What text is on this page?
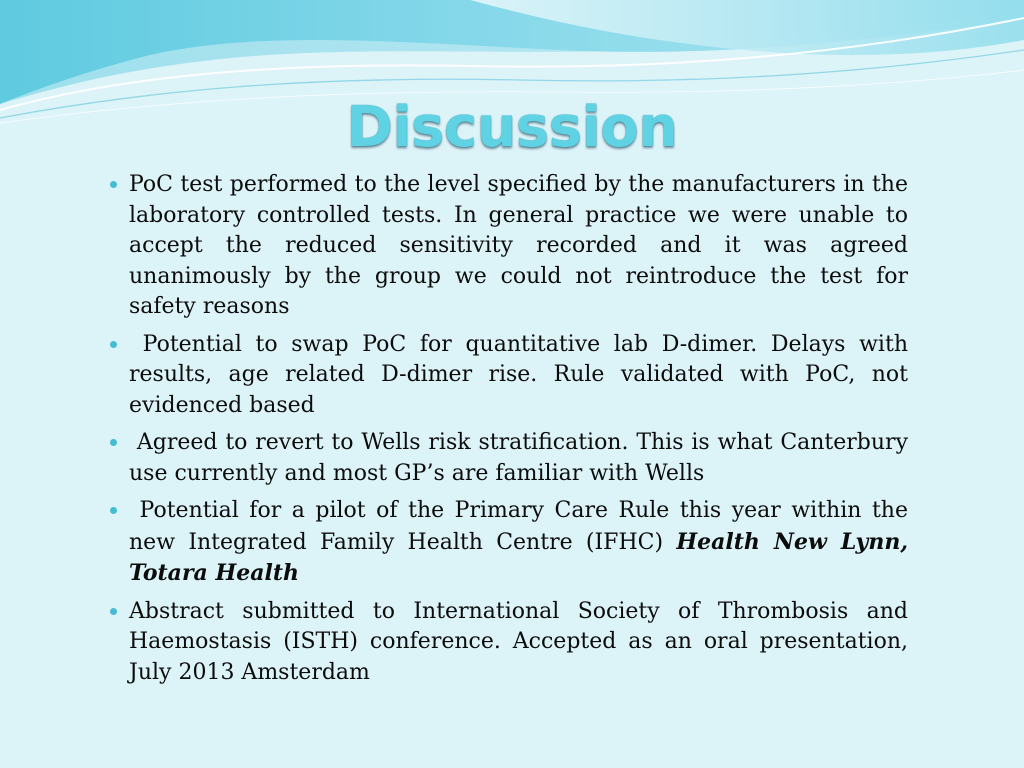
Discussion
PoC test performed to the level specified by the manufacturers in the laboratory controlled tests. In general practice we were unable to accept the reduced sensitivity recorded and it was agreed unanimously by the group we could not reintroduce the test for safety reasons
Potential to swap PoC for quantitative lab D-dimer. Delays with results, age related D-dimer rise. Rule validated with PoC, not evidenced based
Agreed to revert to Wells risk stratification. This is what Canterbury use currently and most GP’s are familiar with Wells
Potential for a pilot of the Primary Care Rule this year within the new Integrated Family Health Centre (IFHC) Health New Lynn, Totara Health
Abstract submitted to International Society of Thrombosis and Haemostasis (ISTH) conference. Accepted as an oral presentation, July 2013 Amsterdam
